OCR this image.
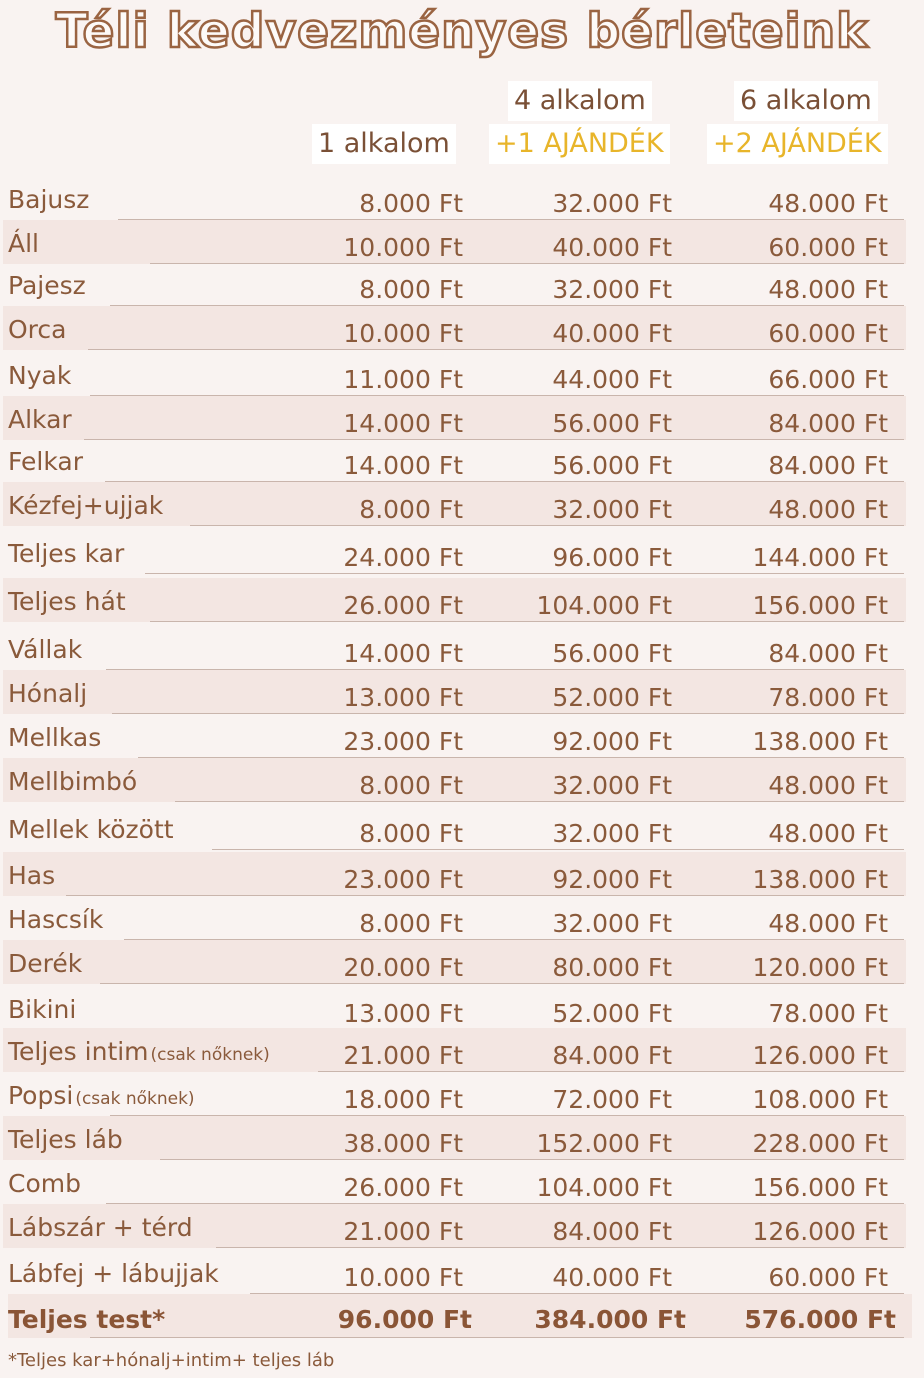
Téli kedvezményes bérleteink
1 alkalom
4 alkalom
+1 AJÁNDÉK
6 alkalom
+2 AJÁNDÉK
Bajusz	8.000 Ft	32.000 Ft	48.000 Ft
Áll	10.000 Ft	40.000 Ft	60.000 Ft
Pajesz	8.000 Ft	32.000 Ft	48.000 Ft
Orca	10.000 Ft	40.000 Ft	60.000 Ft
Nyak	11.000 Ft	44.000 Ft	66.000 Ft
Alkar	14.000 Ft	56.000 Ft	84.000 Ft
Felkar	14.000 Ft	56.000 Ft	84.000 Ft
Kézfej+ujjak	8.000 Ft	32.000 Ft	48.000 Ft
Teljes kar	24.000 Ft	96.000 Ft	144.000 Ft
Teljes hát	26.000 Ft	104.000 Ft	156.000 Ft
Vállak	14.000 Ft	56.000 Ft	84.000 Ft
Hónalj	13.000 Ft	52.000 Ft	78.000 Ft
Mellkas	23.000 Ft	92.000 Ft	138.000 Ft
Mellbimbó	8.000 Ft	32.000 Ft	48.000 Ft
Mellek között	8.000 Ft	32.000 Ft	48.000 Ft
Has	23.000 Ft	92.000 Ft	138.000 Ft
Hascsík	8.000 Ft	32.000 Ft	48.000 Ft
Derék	20.000 Ft	80.000 Ft	120.000 Ft
Bikini	13.000 Ft	52.000 Ft	78.000 Ft
Teljes intim (csak nőknek)	21.000 Ft	84.000 Ft	126.000 Ft
Popsi (csak nőknek)	18.000 Ft	72.000 Ft	108.000 Ft
Teljes láb	38.000 Ft	152.000 Ft	228.000 Ft
Comb	26.000 Ft	104.000 Ft	156.000 Ft
Lábszár + térd	21.000 Ft	84.000 Ft	126.000 Ft
Lábfej + lábujjak	10.000 Ft	40.000 Ft	60.000 Ft
Teljes test*	96.000 Ft 384.000 Ft 576.000 Ft
*Teljes kar+hónalj+intim+ teljes láb
